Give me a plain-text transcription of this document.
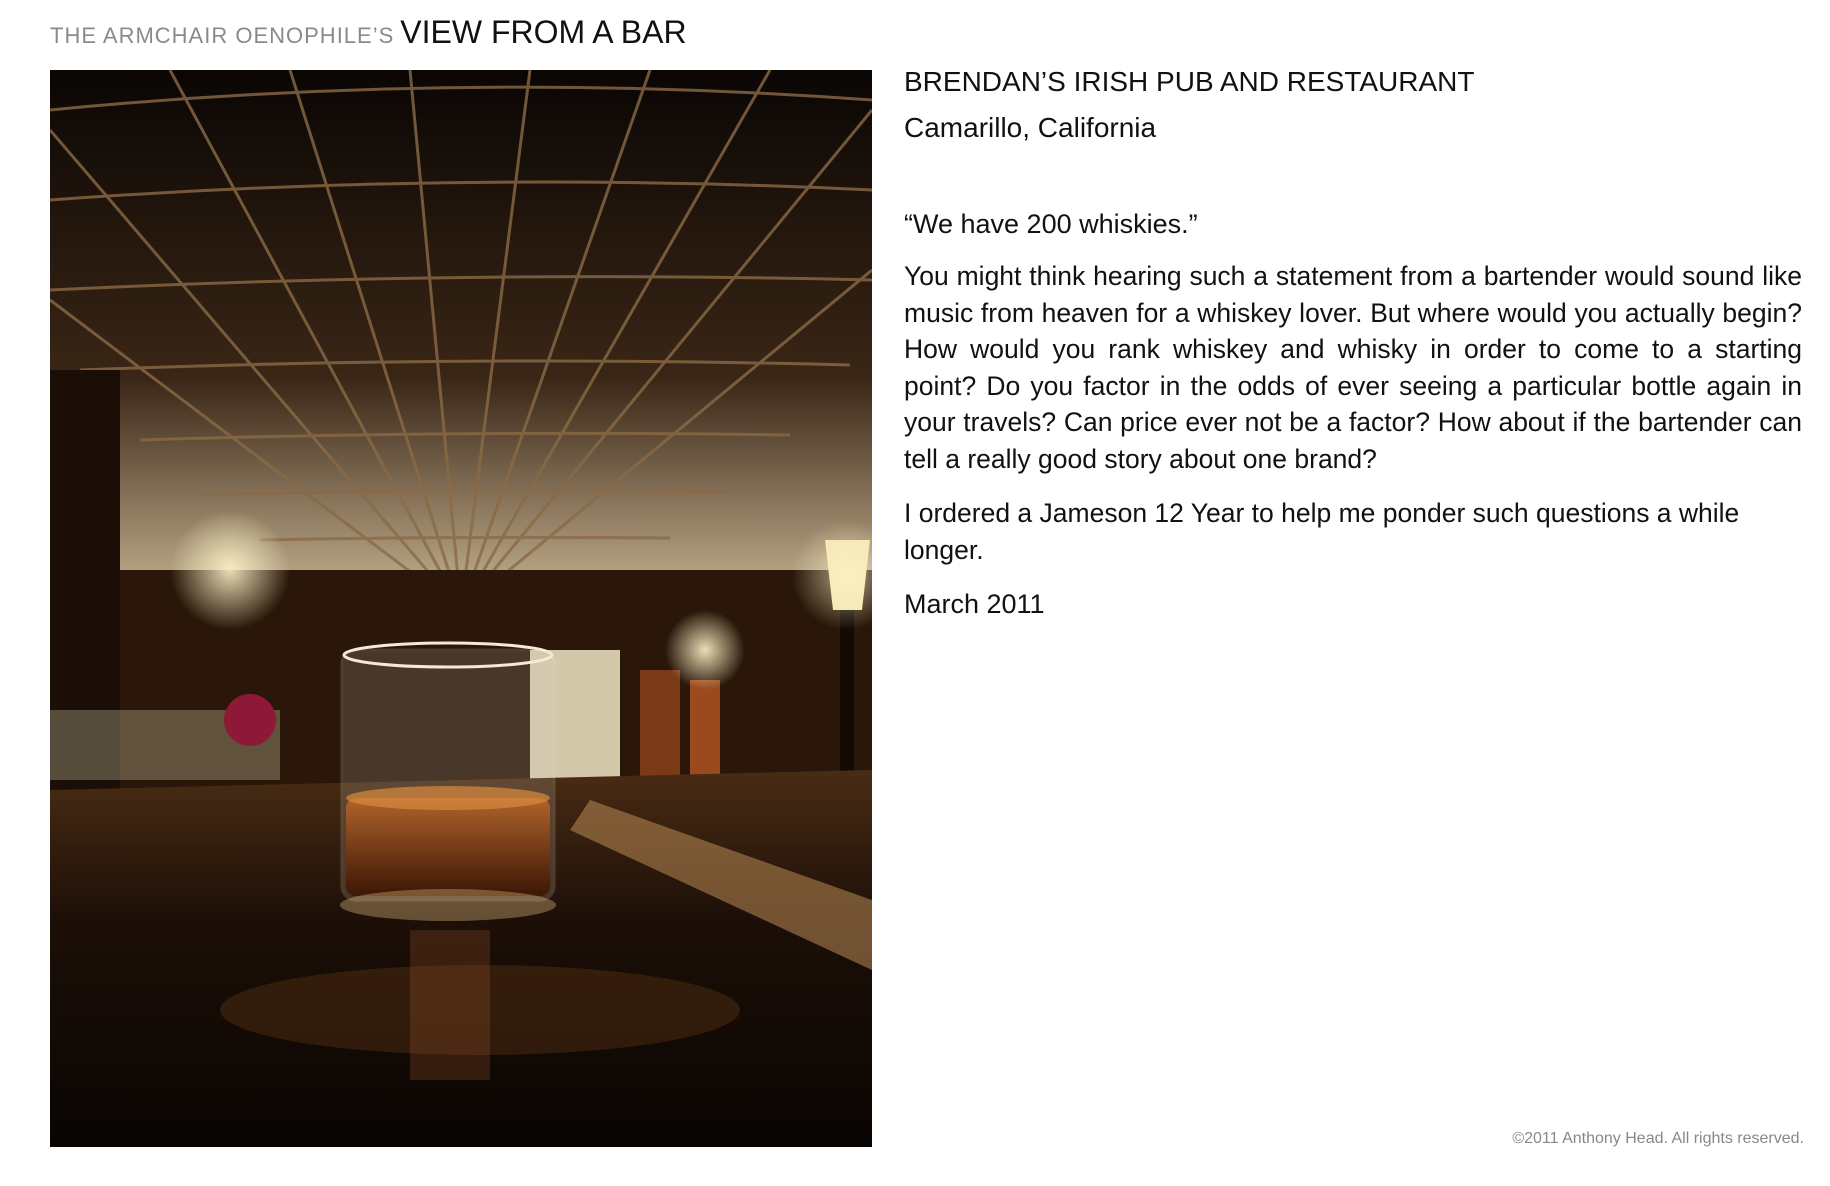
THE ARMCHAIR OENOPHILE’S VIEW FROM A BAR

BRENDAN’S IRISH PUB AND RESTAURANT

Camarillo, California

“We have 200 whiskies.”

You might think hearing such a statement from a bartender would sound like music from heaven for a whiskey lover. But where would you actually begin? How would you rank whiskey and whisky in order to come to a starting point? Do you factor in the odds of ever seeing a particular bottle again in your travels? Can price ever not be a factor? How about if the bartender can tell a really good story about one brand?

I ordered a Jameson 12 Year to help me ponder such questions a while longer.

March 2011

©2011 Anthony Head. All rights reserved.
